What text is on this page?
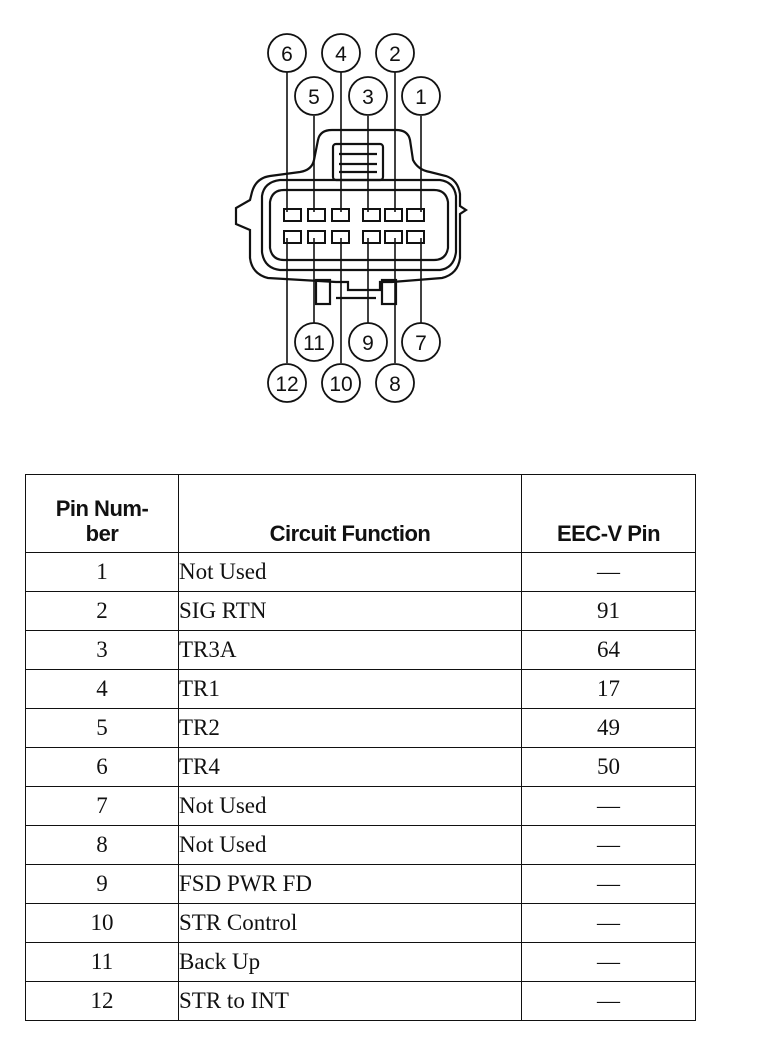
6 4 2
5 3 1
11 9 7
12 10 8
Pin Num-
ber	Circuit Function	EEC-V Pin
1	Not Used	—
2	SIG RTN	91
3	TR3A	64
4	TR1	17
5	TR2	49
6	TR4	50
7	Not Used	—
8	Not Used	—
9	FSD PWR FD	—
10	STR Control	—
11	Back Up	—
12	STR to INT	—
